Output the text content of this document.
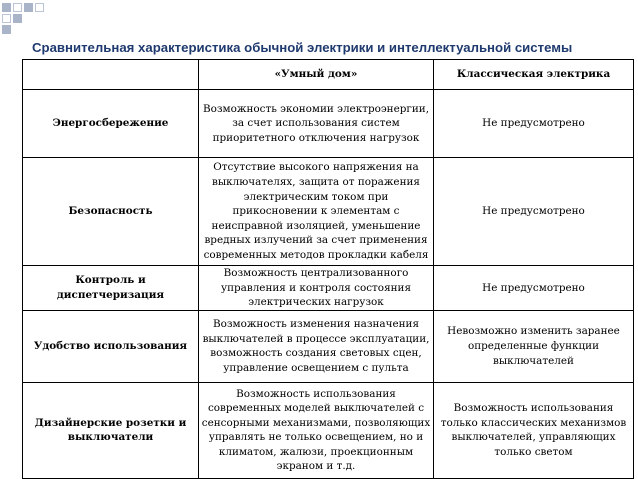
Сравнительная характеристика обычной электрики и интеллектуальной системы
	«Умный дом»	Классическая электрика
Энергосбережение	Возможность экономии электроэнергии, за счет использования систем приоритетного отключения нагрузок	Не предусмотрено
Безопасность	Отсутствие высокого напряжения на выключателях, защита от поражения электрическим током при прикосновении к элементам с неисправной изоляцией, уменьшение вредных излучений за счет применения современных методов прокладки кабеля	Не предусмотрено
Контроль и диспетчеризация	Возможность централизованного управления и контроля состояния электрических нагрузок	Не предусмотрено
Удобство использования	Возможность изменения назначения выключателей в процессе эксплуатации, возможность создания световых сцен, управление освещением с пульта	Невозможно изменить заранее определенные функции выключателей
Дизайнерские розетки и выключатели	Возможность использования современных моделей выключателей с сенсорными механизмами, позволяющих управлять не только освещением, но и климатом, жалюзи, проекционным экраном и т.д.	Возможность использования только классических механизмов выключателей, управляющих только светом
